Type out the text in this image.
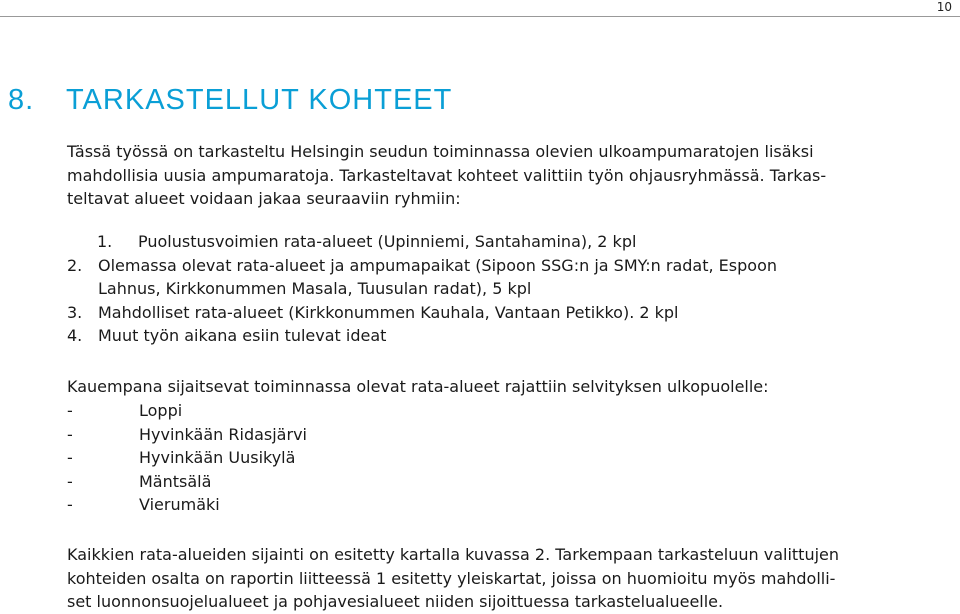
10
8. TARKASTELLUT KOHTEET
Tässä työssä on tarkasteltu Helsingin seudun toiminnassa olevien ulkoampumaratojen lisäksi
mahdollisia uusia ampumaratoja. Tarkasteltavat kohteet valittiin työn ohjausryhmässä. Tarkas-
teltavat alueet voidaan jakaa seuraaviin ryhmiin:
1. Puolustusvoimien rata-alueet (Upinniemi, Santahamina), 2 kpl
2. Olemassa olevat rata-alueet ja ampumapaikat (Sipoon SSG:n ja SMY:n radat, Espoon
Lahnus, Kirkkonummen Masala, Tuusulan radat), 5 kpl
3. Mahdolliset rata-alueet (Kirkkonummen Kauhala, Vantaan Petikko). 2 kpl
4. Muut työn aikana esiin tulevat ideat
Kauempana sijaitsevat toiminnassa olevat rata-alueet rajattiin selvityksen ulkopuolelle:
-	Loppi
-	Hyvinkään Ridasjärvi
-	Hyvinkään Uusikylä
-	Mäntsälä
-	Vierumäki
Kaikkien rata-alueiden sijainti on esitetty kartalla kuvassa 2. Tarkempaan tarkasteluun valittujen
kohteiden osalta on raportin liitteessä 1 esitetty yleiskartat, joissa on huomioitu myös mahdolli-
set luonnonsuojelualueet ja pohjavesialueet niiden sijoittuessa tarkastelualueelle.
